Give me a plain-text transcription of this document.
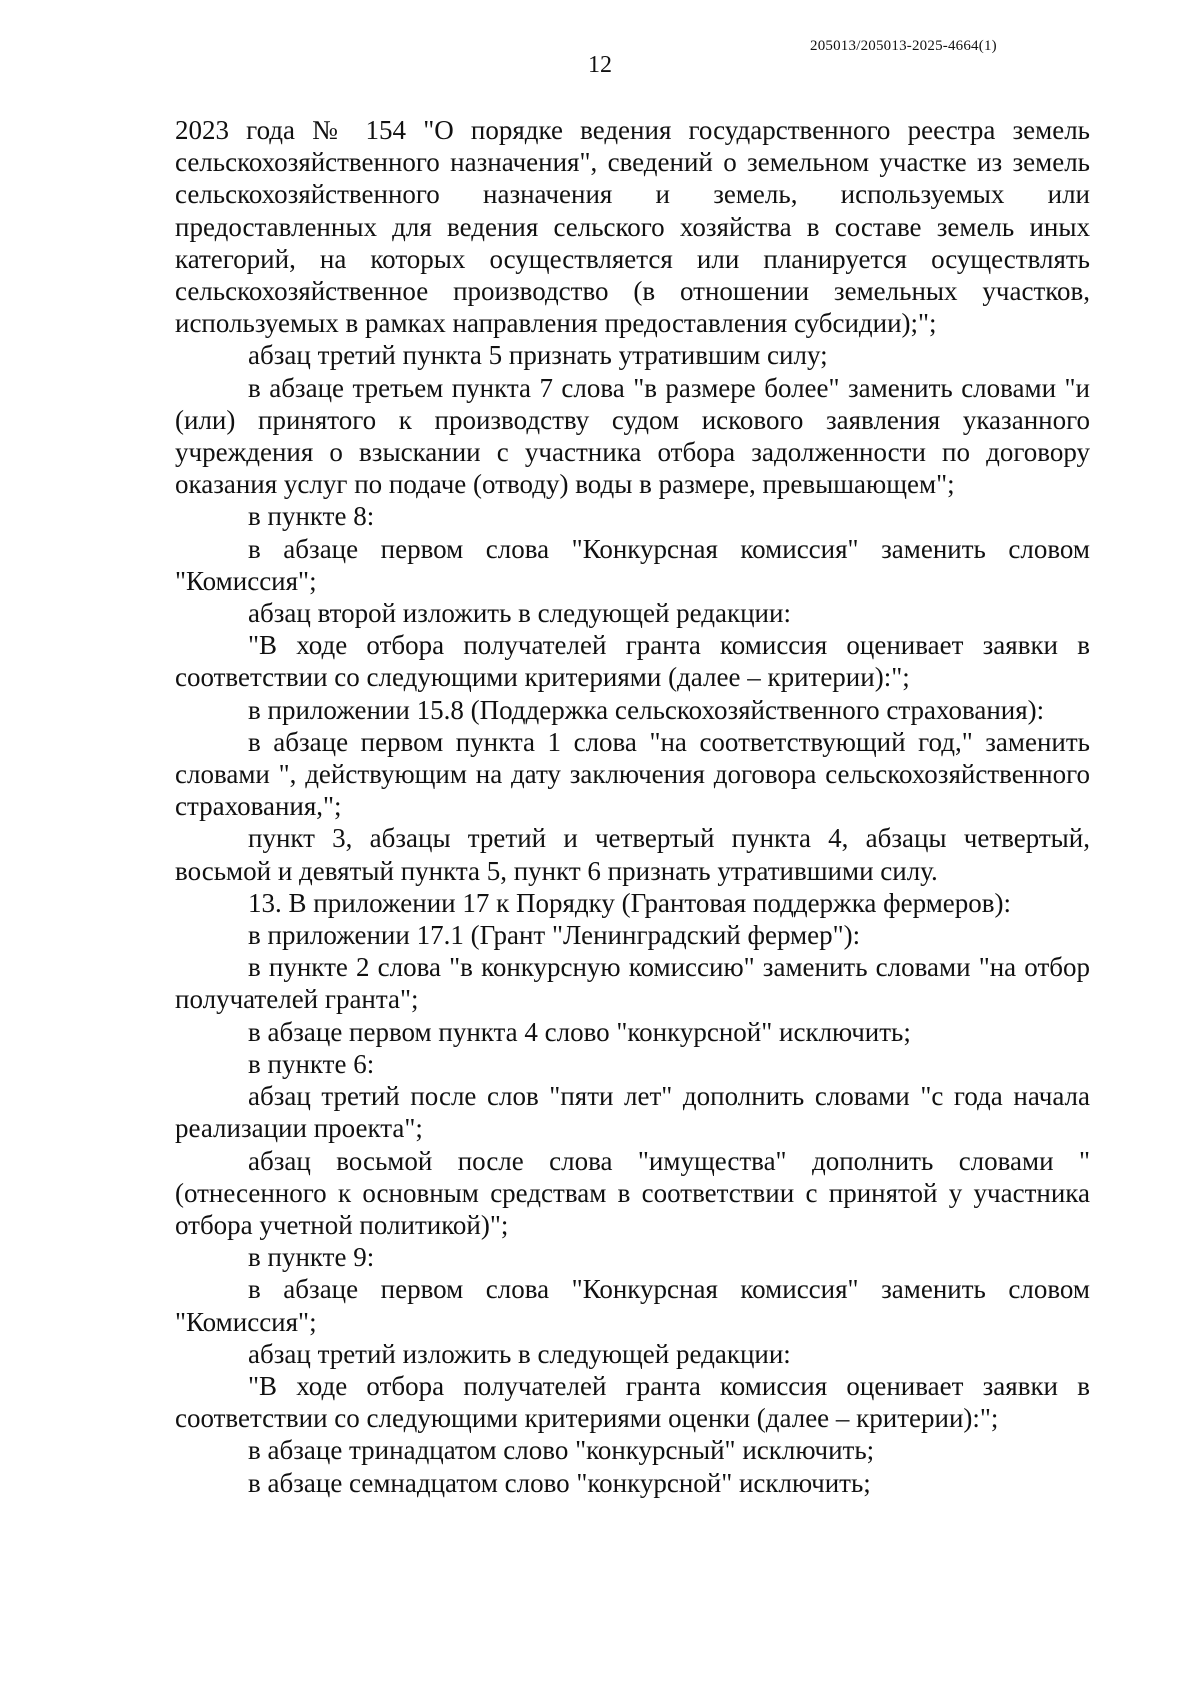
205013/205013-2025-4664(1)
12

2023 года № 154 "О порядке ведения государственного реестра земель сельскохозяйственного назначения", сведений о земельном участке из земель сельскохозяйственного назначения и земель, используемых или предоставленных для ведения сельского хозяйства в составе земель иных категорий, на которых осуществляется или планируется осуществлять сельскохозяйственное производство (в отношении земельных участков, используемых в рамках направления предоставления субсидии);";

абзац третий пункта 5 признать утратившим силу;

в абзаце третьем пункта 7 слова "в размере более" заменить словами "и (или) принятого к производству судом искового заявления указанного учреждения о взыскании с участника отбора задолженности по договору оказания услуг по подаче (отводу) воды в размере, превышающем";

в пункте 8:

в абзаце первом слова "Конкурсная комиссия" заменить словом "Комиссия";

абзац второй изложить в следующей редакции:

"В ходе отбора получателей гранта комиссия оценивает заявки в соответствии со следующими критериями (далее – критерии):";

в приложении 15.8 (Поддержка сельскохозяйственного страхования):

в абзаце первом пункта 1 слова "на соответствующий год," заменить словами ", действующим на дату заключения договора сельскохозяйственного страхования,";

пункт 3, абзацы третий и четвертый пункта 4, абзацы четвертый, восьмой и девятый пункта 5, пункт 6 признать утратившими силу.

13. В приложении 17 к Порядку (Грантовая поддержка фермеров):

в приложении 17.1 (Грант "Ленинградский фермер"):

в пункте 2 слова "в конкурсную комиссию" заменить словами "на отбор получателей гранта";

в абзаце первом пункта 4 слово "конкурсной" исключить;

в пункте 6:

абзац третий после слов "пяти лет" дополнить словами "с года начала реализации проекта";

абзац восьмой после слова "имущества" дополнить словами "(отнесенного к основным средствам в соответствии с принятой у участника отбора учетной политикой)";

в пункте 9:

в абзаце первом слова "Конкурсная комиссия" заменить словом "Комиссия";

абзац третий изложить в следующей редакции:

"В ходе отбора получателей гранта комиссия оценивает заявки в соответствии со следующими критериями оценки (далее – критерии):";

в абзаце тринадцатом слово "конкурсный" исключить;

в абзаце семнадцатом слово "конкурсной" исключить;
